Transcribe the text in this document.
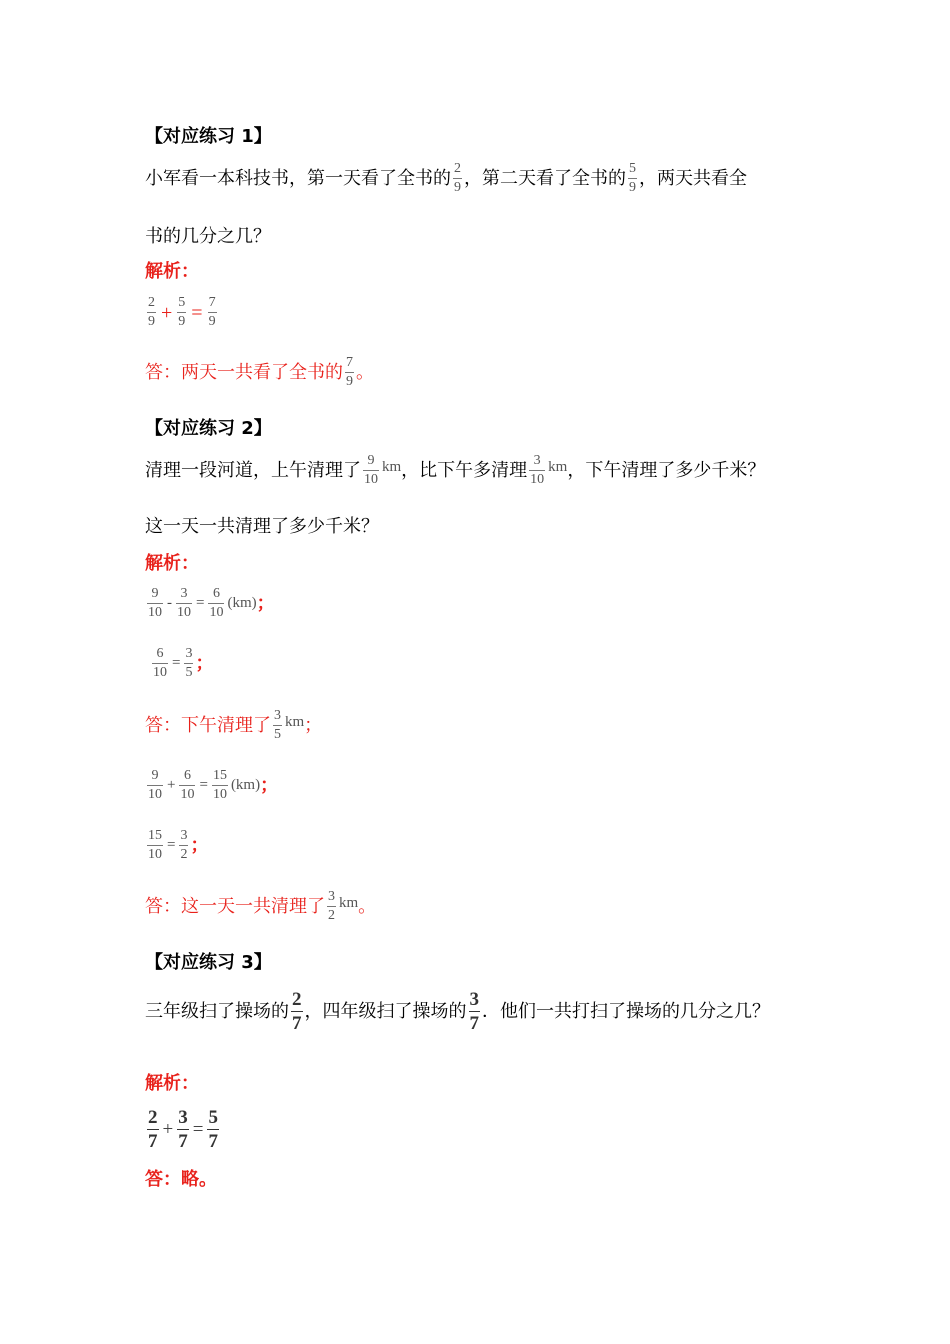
【对应练习 1】
小军看一本科技书，第一天看了全书的 $\frac{2}{9}$ ，第二天看了全书的 $\frac{5}{9}$ ，两天共看全
书的几分之几？
解析：
$\frac{2}{9} + \frac{5}{9} = \frac{7}{9}$
答：两天一共看了全书的 $\frac{7}{9}$ 。
【对应练习 2】
清理一段河道，上午清理了 $\frac{9}{10}$ km ，比下午多清理 $\frac{3}{10}$ km ，下午清理了多少千米？
这一天一共清理了多少千米？
解析：
$\frac{9}{10} - \frac{3}{10} = \frac{6}{10} (km)$ ；
$\frac{6}{10} = \frac{3}{5}$ ；
答：下午清理了 $\frac{3}{5}$ km ；
$\frac{9}{10} + \frac{6}{10} = \frac{15}{10} (km)$ ；
$\frac{15}{10} = \frac{3}{2}$ ；
答：这一天一共清理了 $\frac{3}{2}$ km 。
【对应练习 3】
三年级扫了操场的 $\frac{2}{7}$ ，四年级扫了操场的 $\frac{3}{7}$ ．他们一共打扫了操场的几分之几？
解析：
$\frac{2}{7} + \frac{3}{7} = \frac{5}{7}$
答：略。
